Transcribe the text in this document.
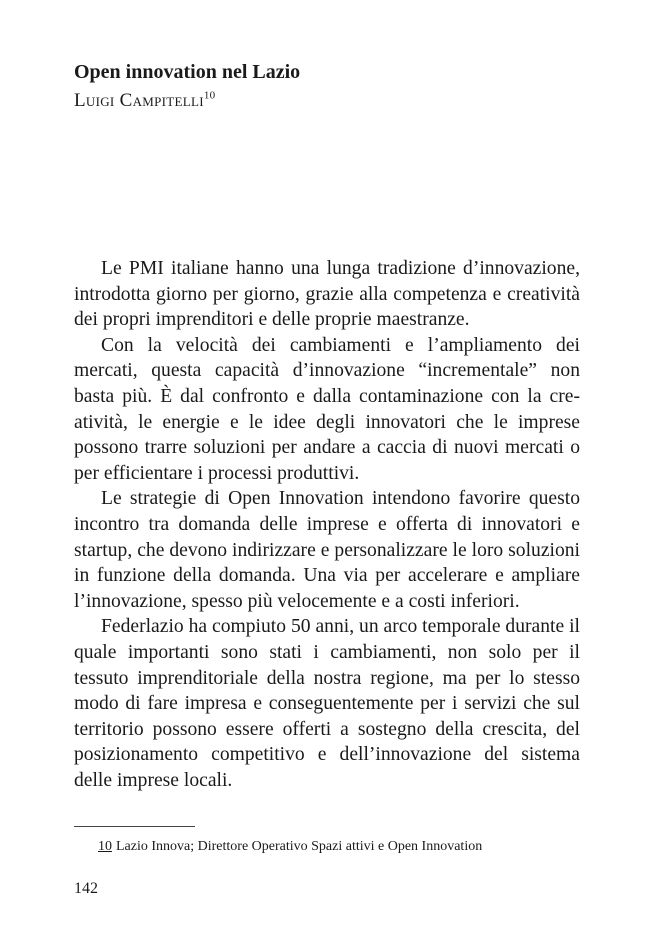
Open innovation nel Lazio
Luigi Campitelli$^{10}$

Le PMI italiane hanno una lunga tradizione d’innovazione, introdotta giorno per giorno, grazie alla competenza e creatività dei propri imprenditori e delle proprie maestranze.

Con la velocità dei cambiamenti e l’ampliamento dei mercati, questa capacità d’innovazione “incrementale” non basta più. È dal confronto e dalla contaminazione con la creatività, le energie e le idee degli innovatori che le imprese possono trarre soluzioni per andare a caccia di nuovi mercati o per efficientare i processi produttivi.

Le strategie di Open Innovation intendono favorire questo incontro tra domanda delle imprese e offerta di innovatori e startup, che devono indirizzare e personalizzare le loro soluzioni in funzione della domanda. Una via per accelerare e ampliare l’innovazione, spesso più velocemente e a costi inferiori.

Federlazio ha compiuto 50 anni, un arco temporale durante il quale importanti sono stati i cambiamenti, non solo per il tessuto imprenditoriale della nostra regione, ma per lo stesso modo di fare impresa e conseguentemente per i servizi che sul territorio possono essere offerti a sostegno della crescita, del posizionamento competitivo e dell’innovazione del sistema delle imprese locali.

10 Lazio Innova; Direttore Operativo Spazi attivi e Open Innovation
142
